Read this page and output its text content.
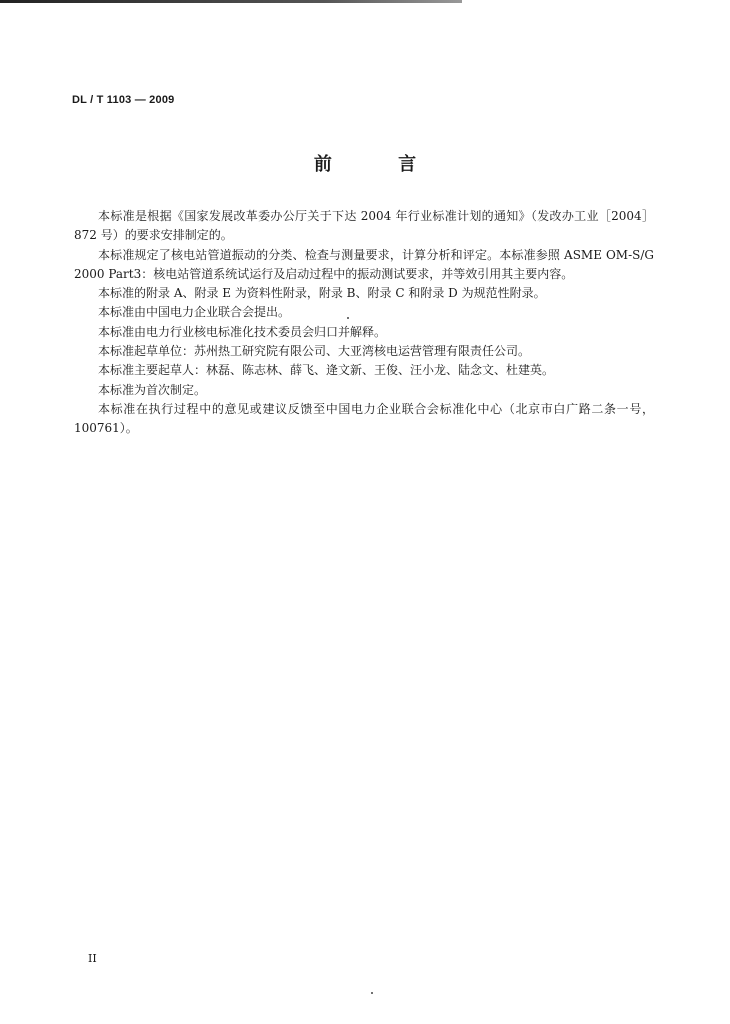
DL / T 1103 — 2009
前 言

本标准是根据《国家发展改革委办公厅关于下达 2004 年行业标准计划的通知》（发改办工业［2004］872 号）的要求安排制定的。

本标准规定了核电站管道振动的分类、检查与测量要求，计算分析和评定。本标准参照 ASME OM-S/G 2000 Part3：核电站管道系统试运行及启动过程中的振动测试要求，并等效引用其主要内容。

本标准的附录 A、附录 E 为资料性附录，附录 B、附录 C 和附录 D 为规范性附录。

本标准由中国电力企业联合会提出。

本标准由电力行业核电标准化技术委员会归口并解释。

本标准起草单位：苏州热工研究院有限公司、大亚湾核电运营管理有限责任公司。

本标准主要起草人：林磊、陈志林、薛飞、逄文新、王俊、汪小龙、陆念文、杜建英。

本标准为首次制定。

本标准在执行过程中的意见或建议反馈至中国电力企业联合会标准化中心（北京市白广路二条一号，100761）。

II
